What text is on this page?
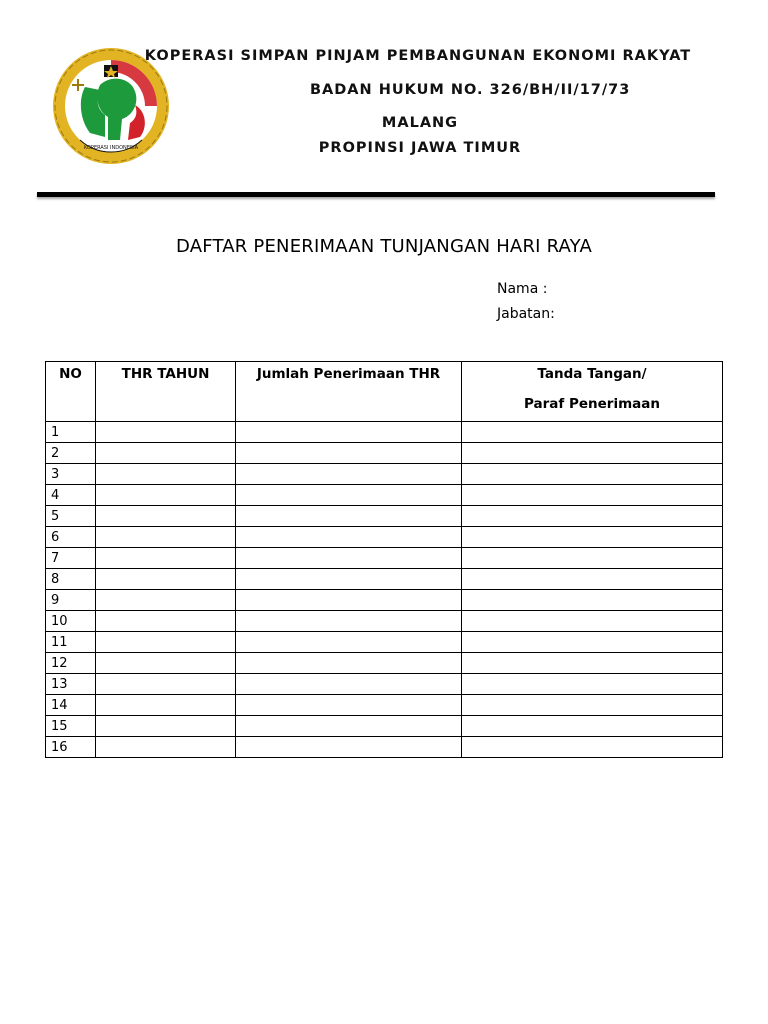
KOPERASI INDONESIA
KOPERASI SIMPAN PINJAM PEMBANGUNAN EKONOMI RAKYAT
BADAN HUKUM NO. 326/BH/II/17/73
MALANG
PROPINSI JAWA TIMUR
DAFTAR PENERIMAAN TUNJANGAN HARI RAYA
Nama :
Jabatan:
NO	THR TAHUN	Jumlah Penerimaan THR	Tanda Tangan/
Paraf Penerimaan

1			
2			
3			
4			
5			
6			
7			
8			
9			
10			
11			
12			
13			
14			
15			
16			
